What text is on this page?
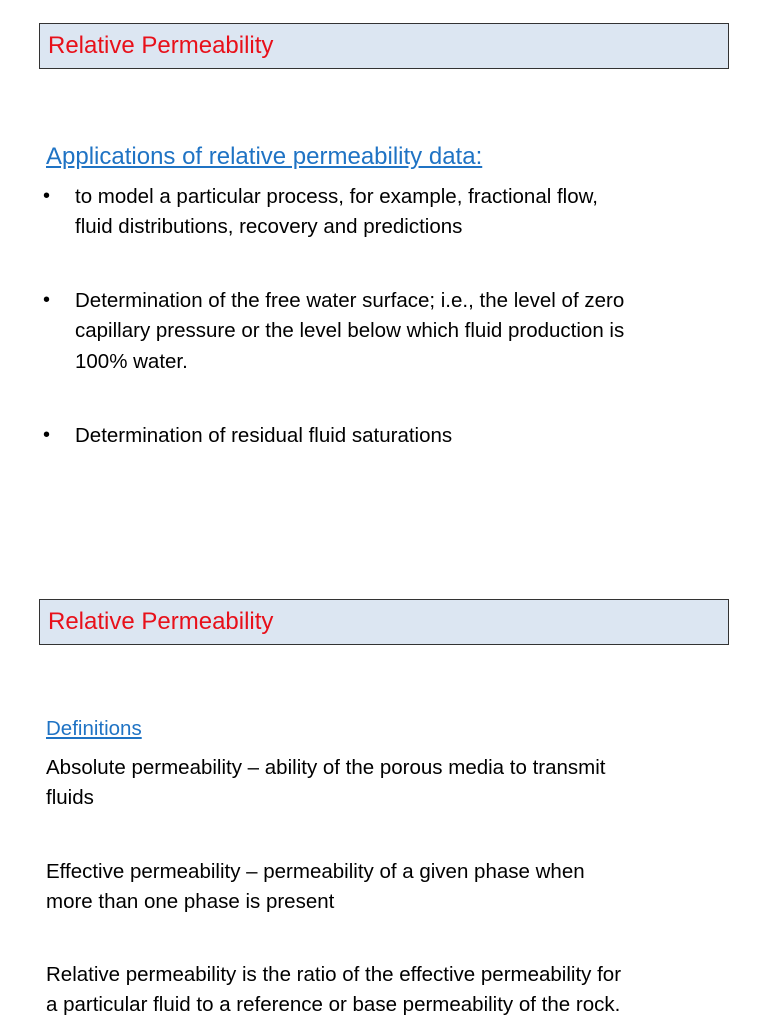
Relative Permeability
Applications of relative permeability data:
• to model a particular process, for example, fractional flow,
fluid distributions, recovery and predictions
• Determination of the free water surface; i.e., the level of zero
capillary pressure or the level below which fluid production is
100% water.
• Determination of residual fluid saturations
Relative Permeability
Definitions
Absolute permeability – ability of the porous media to transmit
fluids
Effective permeability – permeability of a given phase when
more than one phase is present
Relative permeability is the ratio of the effective permeability for
a particular fluid to a reference or base permeability of the rock.
